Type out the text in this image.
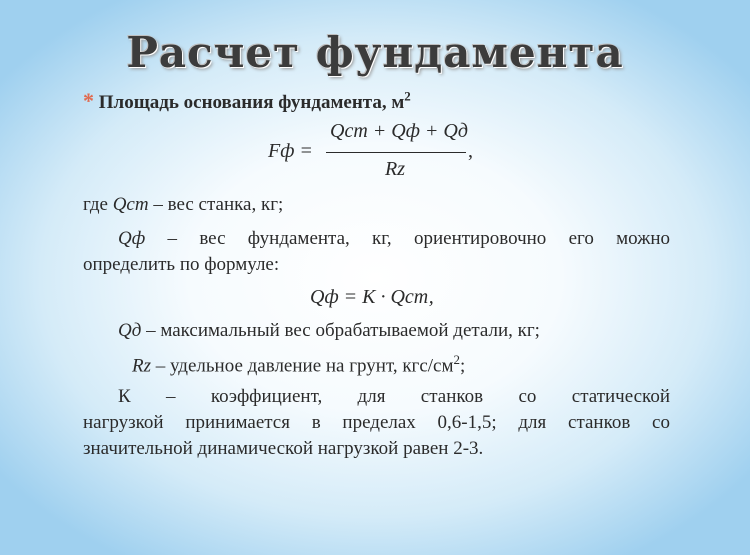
Расчет фундамента
* Площадь основания фундамента, $м^2$
Fф =
Qст + Qф + Qд
Rz
,
где Qст – вес станка, кг;
Qф – вес фундамента, кг, ориентировочно его можно
определить по формуле:
Qф = K · Qст,
Qд – максимальный вес обрабатываемой детали, кг;
Rz – удельное давление на грунт, кгс/$см^2$;
К – коэффициент, для станков со статической
нагрузкой принимается в пределах 0,6-1,5; для станков со
значительной динамической нагрузкой равен 2-3.
